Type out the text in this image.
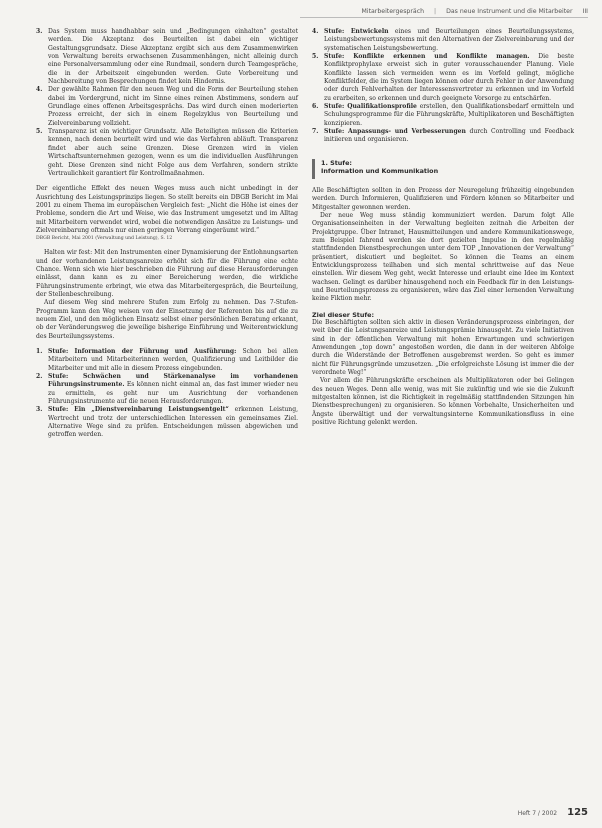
Mitarbeitergespräch | Das neue Instrument und die Mitarbeiter III
3. Das System muss handhabbar sein und „Bedingungen einhalten“ gestaltet werden. Die Akzeptanz des Beurteilten ist dabei ein wichtiger Gestaltungsgrundsatz. Diese Akzeptanz ergibt sich aus dem Zusammenwirken von Verwaltung bereits erwachsenen Zusammenhängen, nicht alleinig durch eine Personalversammlung oder eine Rundmail, sondern durch Teamgespräche, die in der Arbeitszeit eingebunden werden. Gute Vorbereitung und Nachbereitung von Besprechungen findet kein Hindernis.
4. Der gewählte Rahmen für den neuen Weg und die Form der Beurteilung stehen dabei im Vordergrund, nicht im Sinne eines reinen Abstimmens, sondern auf Grundlage eines offenen Arbeitsgesprächs. Das wird durch einen moderierten Prozess erreicht, der sich in einem Regelzyklus von Beurteilung und Zielvereinbarung vollzieht.
5. Transparenz ist ein wichtiger Grundsatz. Alle Beteiligten müssen die Kriterien kennen, nach denen beurteilt wird und wie das Verfahren abläuft. Transparenz findet aber auch seine Grenzen. Diese Grenzen wird in vielen Wirtschaftsunternehmen gezogen, wenn es um die individuellen Ausführungen geht. Diese Grenzen sind nicht Folge aus dem Verfahren, sondern strikte Vertraulichkeit garantiert für Kontrollmaßnahmen.

Der eigentliche Effekt des neuen Weges muss auch nicht unbedingt in der Ausrichtung des Leistungsprinzips liegen. So stellt bereits ein DBGB Bericht im Mai 2001 zu einem Thema im europäischen Vergleich fest: „Nicht die Höhe ist eines der Probleme, sondern die Art und Weise, wie das Instrument umgesetzt und im Alltag mit Mitarbeitern verwendet wird, wobei die notwendigen Ansätze zu Leistungs- und Zielvereinbarung oftmals nur einen geringen Vorrang eingeräumt wird.“

DBGB Bericht, Mai 2001 (Verwaltung und Leistung), S. 12

Halten wir fest: Mit den Instrumenten einer Dynamisierung der Entlohnungsarten und der vorhandenen Leistungsanreize erhöht sich für die Führung eine echte Chance. Wenn sich wie hier beschrieben die Führung auf diese Herausforderungen einlässt, dann kann es zu einer Bereicherung werden, die wirkliche Führungsinstrumente erbringt, wie etwa das Mitarbeitergespräch, die Beurteilung, der Stellenbeschreibung.

Auf diesem Weg sind mehrere Stufen zum Erfolg zu nehmen. Das 7-Stufen-Programm kann den Weg weisen von der Einsetzung der Referenten bis auf die zu neuem Ziel, und den möglichen Einsatz selbst einer persönlichen Beratung erkannt, ob der Veränderungsweg die jeweilige bisherige Einführung und Weiterentwicklung des Beurteilungssystems.

1. Stufe: Information der Führung und Ausführung: Schon bei allen Mitarbeitern und Mitarbeiterinnen werden, Qualifizierung und Leitbilder die Mitarbeiter und mit alle in diesem Prozess eingebunden.
2. Stufe: Schwächen und Stärkenanalyse im vorhandenen Führungsinstrumente. Es können nicht einmal an, das fast immer wieder neu zu ermitteln, es geht nur um Ausrichtung der vorhandenen Führungsinstrumente auf die neuen Herausforderungen.
3. Stufe: Ein „Dienstvereinbarung Leistungsentgelt“ erkennen Leistung, Wertrecht und trotz der unterschiedlichen Interessen ein gemeinsames Ziel. Alternative Wege sind zu prüfen. Entscheidungen müssen abgewichen und getroffen werden.
4. Stufe: Entwickeln eines und Beurteilungen eines Beurteilungssystems, Leistungsbewertungssystems mit den Alternativen der Zielvereinbarung und der systematischen Leistungsbewertung.
5. Stufe: Konflikte erkennen und Konflikte managen. Die beste Konfliktprophylaxe erweist sich in guter vorausschauender Planung. Viele Konflikte lassen sich vermeiden wenn es im Vorfeld gelingt, mögliche Konfliktfelder, die im System liegen können oder durch Fehler in der Anwendung oder durch Fehlverhalten der Interessensvertreter zu erkennen und im Vorfeld zu erarbeiten, so erkennen und durch geeignete Vorsorge zu entschärfen.
6. Stufe: Qualifikationsprofile erstellen, den Qualifikationsbedarf ermitteln und Schulungsprogramme für die Führungskräfte, Multiplikatoren und Beschäftigten konzipieren.
7. Stufe: Anpassungs- und Verbesserungen durch Controlling und Feedback initiieren und organisieren.
1. Stufe:
Information und Kommunikation

Alle Beschäftigten sollten in den Prozess der Neuregelung frühzeitig eingebunden werden. Durch Informieren, Qualifizieren und Fördern können so Mitarbeiter und Mitgestalter gewonnen werden.

Der neue Weg muss ständig kommuniziert werden. Darum folgt Alle Organisationseinheiten in der Verwaltung begleiten zeitnah die Arbeiten der Projektgruppe. Über Intranet, Hausmitteilungen und andere Kommunikationswege, zum Beispiel fahrend werden sie dort gezielten Impulse in den regelmäßig stattfindenden Dienstbesprechungen unter dem TOP „Innovationen der Verwaltung“ präsentiert, diskutiert und begleitet. So können die Teams an einem Entwicklungsprozess teilhaben und sich mental schrittweise auf das Neue einstellen. Wir diesem Weg geht, weckt Interesse und erlaubt eine Idee im Kontext wachsen. Gelingt es darüber hinausgehend noch ein Feedback für in den Leistungs- und Beurteilungsprozess zu organisieren, wäre das Ziel einer lernenden Verwaltung keine Fiktion mehr.

Ziel dieser Stufe:

Die Beschäftigten sollten sich aktiv in diesen Veränderungsprozess einbringen, der weit über die Leistungsanreize und Leistungsprämie hinausgeht. Zu viele Initiativen sind in der öffentlichen Verwaltung mit hohen Erwartungen und schwierigen Anwendungen „top down“ angestoßen worden, die dann in der weiteren Abfolge durch die Widerstände der Betroffenen ausgebremst werden. So geht es immer nicht für Führungsgründe umzusetzen. „Die erfolgreichste Lösung ist immer die der verordnete Weg!“

Vor allem die Führungskräfte erscheinen als Multiplikatoren oder bei Gelingen des neuen Weges. Denn alle wenig, was mit Sie zukünftig und wie sie die Zukunft mitgestalten können, ist die Richtigkeit in regelmäßig stattfindenden Sitzungen hin Dienstbesprechungen) zu organisieren. So können Vorbehalte, Unsicherheiten und Ängste überwältigt und der verwaltungsinterne Kommunikationsfluss in eine positive Richtung gelenkt werden.

Heft 7 / 2002 125
